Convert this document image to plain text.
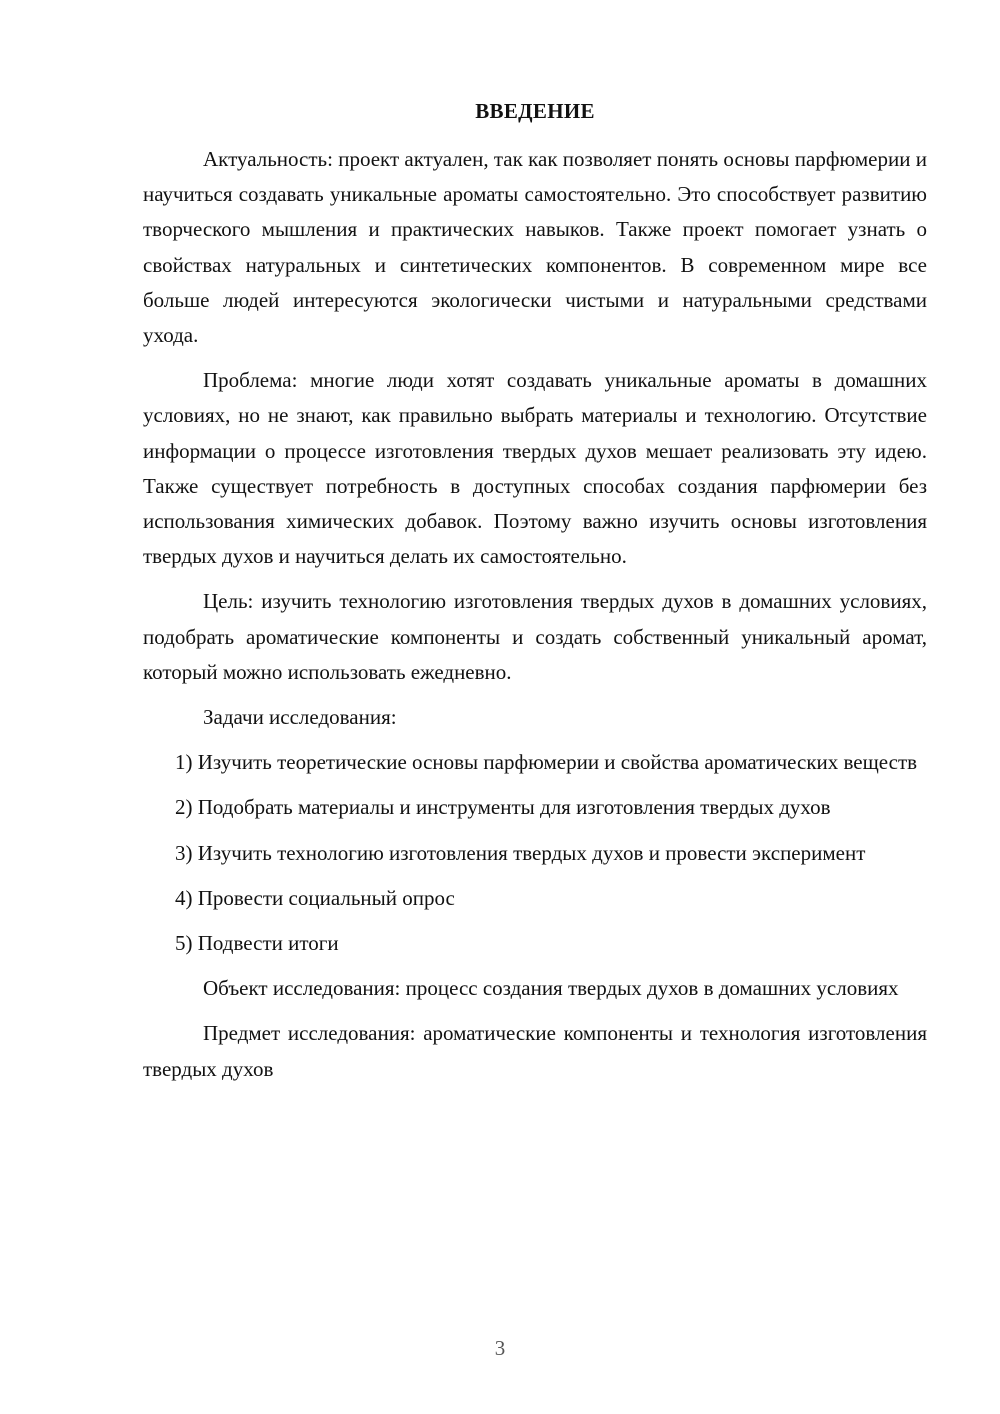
ВВЕДЕНИЕ

Актуальность: проект актуален, так как позволяет понять основы парфюмерии и научиться создавать уникальные ароматы самостоятельно. Это способствует развитию творческого мышления и практических навыков. Также проект помогает узнать о свойствах натуральных и синтетических компонентов. В современном мире все больше людей интересуются экологически чистыми и натуральными средствами ухода.

Проблема: многие люди хотят создавать уникальные ароматы в домашних условиях, но не знают, как правильно выбрать материалы и технологию. Отсутствие информации о процессе изготовления твердых духов мешает реализовать эту идею. Также существует потребность в доступных способах создания парфюмерии без использования химических добавок. Поэтому важно изучить основы изготовления твердых духов и научиться делать их самостоятельно.

Цель: изучить технологию изготовления твердых духов в домашних условиях, подобрать ароматические компоненты и создать собственный уникальный аромат, который можно использовать ежедневно.

Задачи исследования:

1) Изучить теоретические основы парфюмерии и свойства ароматических веществ

2) Подобрать материалы и инструменты для изготовления твердых духов

3) Изучить технологию изготовления твердых духов и провести эксперимент

4) Провести социальный опрос

5) Подвести итоги

Объект исследования: процесс создания твердых духов в домашних условиях

Предмет исследования: ароматические компоненты и технология изготовления твердых духов

3
